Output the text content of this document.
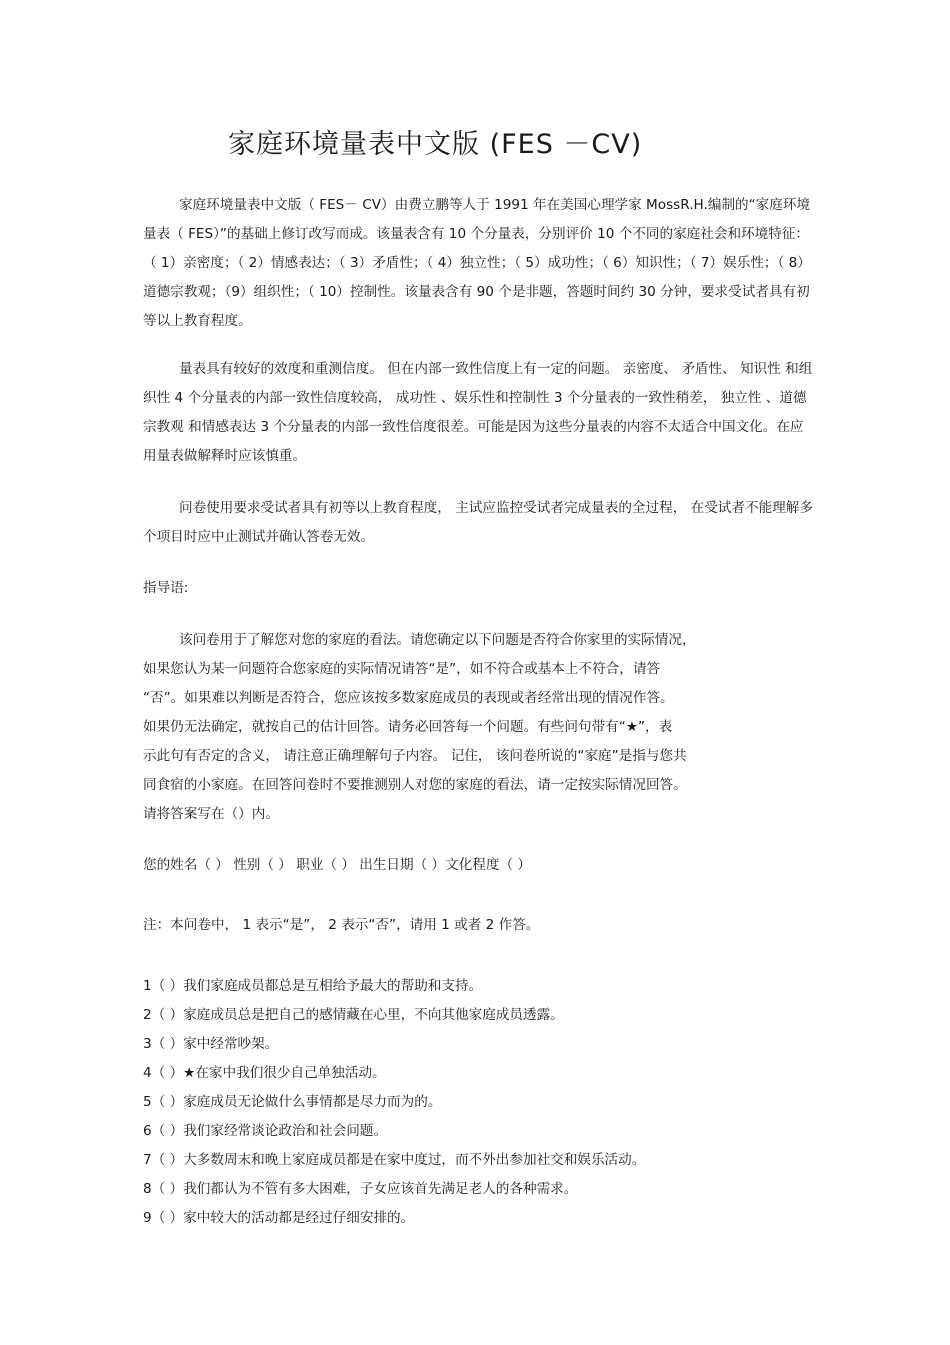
家庭环境量表中文版 (FES －CV)

家庭环境量表中文版（ FES－ CV）由费立鹏等人于 1991 年在美国心理学家 MossR.H.编制的“家庭环境量表（ FES）”的基础上修订改写而成。该量表含有 10 个分量表，分别评价 10 个不同的家庭社会和环境特征：（ 1）亲密度；（ 2）情感表达；（ 3）矛盾性；（ 4）独立性；（ 5）成功性；（ 6）知识性；（ 7）娱乐性；（ 8）道德宗教观；（9）组织性；（ 10）控制性。该量表含有 90 个是非题，答题时间约 30 分钟，要求受试者具有初等以上教育程度。

量表具有较好的效度和重测信度。 但在内部一致性信度上有一定的问题。 亲密度、 矛盾性、 知识性 和组织性 4 个分量表的内部一致性信度较高， 成功性 、娱乐性和控制性 3 个分量表的一致性稍差， 独立性 、道德宗教观 和情感表达 3 个分量表的内部一致性信度很差。可能是因为这些分量表的内容不太适合中国文化。在应用量表做解释时应该慎重。

问卷使用要求受试者具有初等以上教育程度， 主试应监控受试者完成量表的全过程， 在受试者不能理解多个项目时应中止测试并确认答卷无效。

指导语:

该问卷用于了解您对您的家庭的看法。请您确定以下问题是否符合你家里的实际情况，
如果您认为某一问题符合您家庭的实际情况请答“是”，如不符合或基本上不符合，请答
“否”。如果难以判断是否符合，您应该按多数家庭成员的表现或者经常出现的情况作答。
如果仍无法确定，就按自己的估计回答。请务必回答每一个问题。有些问句带有“★”，表
示此句有否定的含义， 请注意正确理解句子内容。 记住， 该问卷所说的“家庭”是指与您共
同食宿的小家庭。在回答问卷时不要推测别人对您的家庭的看法，请一定按实际情况回答。
请将答案写在（）内。

您的姓名（ ） 性别（ ） 职业（ ） 出生日期（ ）文化程度（ ）

注：本问卷中， 1 表示“是”， 2 表示“否”，请用 1 或者 2 作答。

1（ ）我们家庭成员都总是互相给予最大的帮助和支持。
2（ ）家庭成员总是把自己的感情藏在心里，不向其他家庭成员透露。
3（ ）家中经常吵架。
4（ ）★在家中我们很少自己单独活动。
5（ ）家庭成员无论做什么事情都是尽力而为的。
6（ ）我们家经常谈论政治和社会问题。
7（ ）大多数周末和晚上家庭成员都是在家中度过，而不外出参加社交和娱乐活动。
8（ ）我们都认为不管有多大困难，子女应该首先满足老人的各种需求。
9（ ）家中较大的活动都是经过仔细安排的。
